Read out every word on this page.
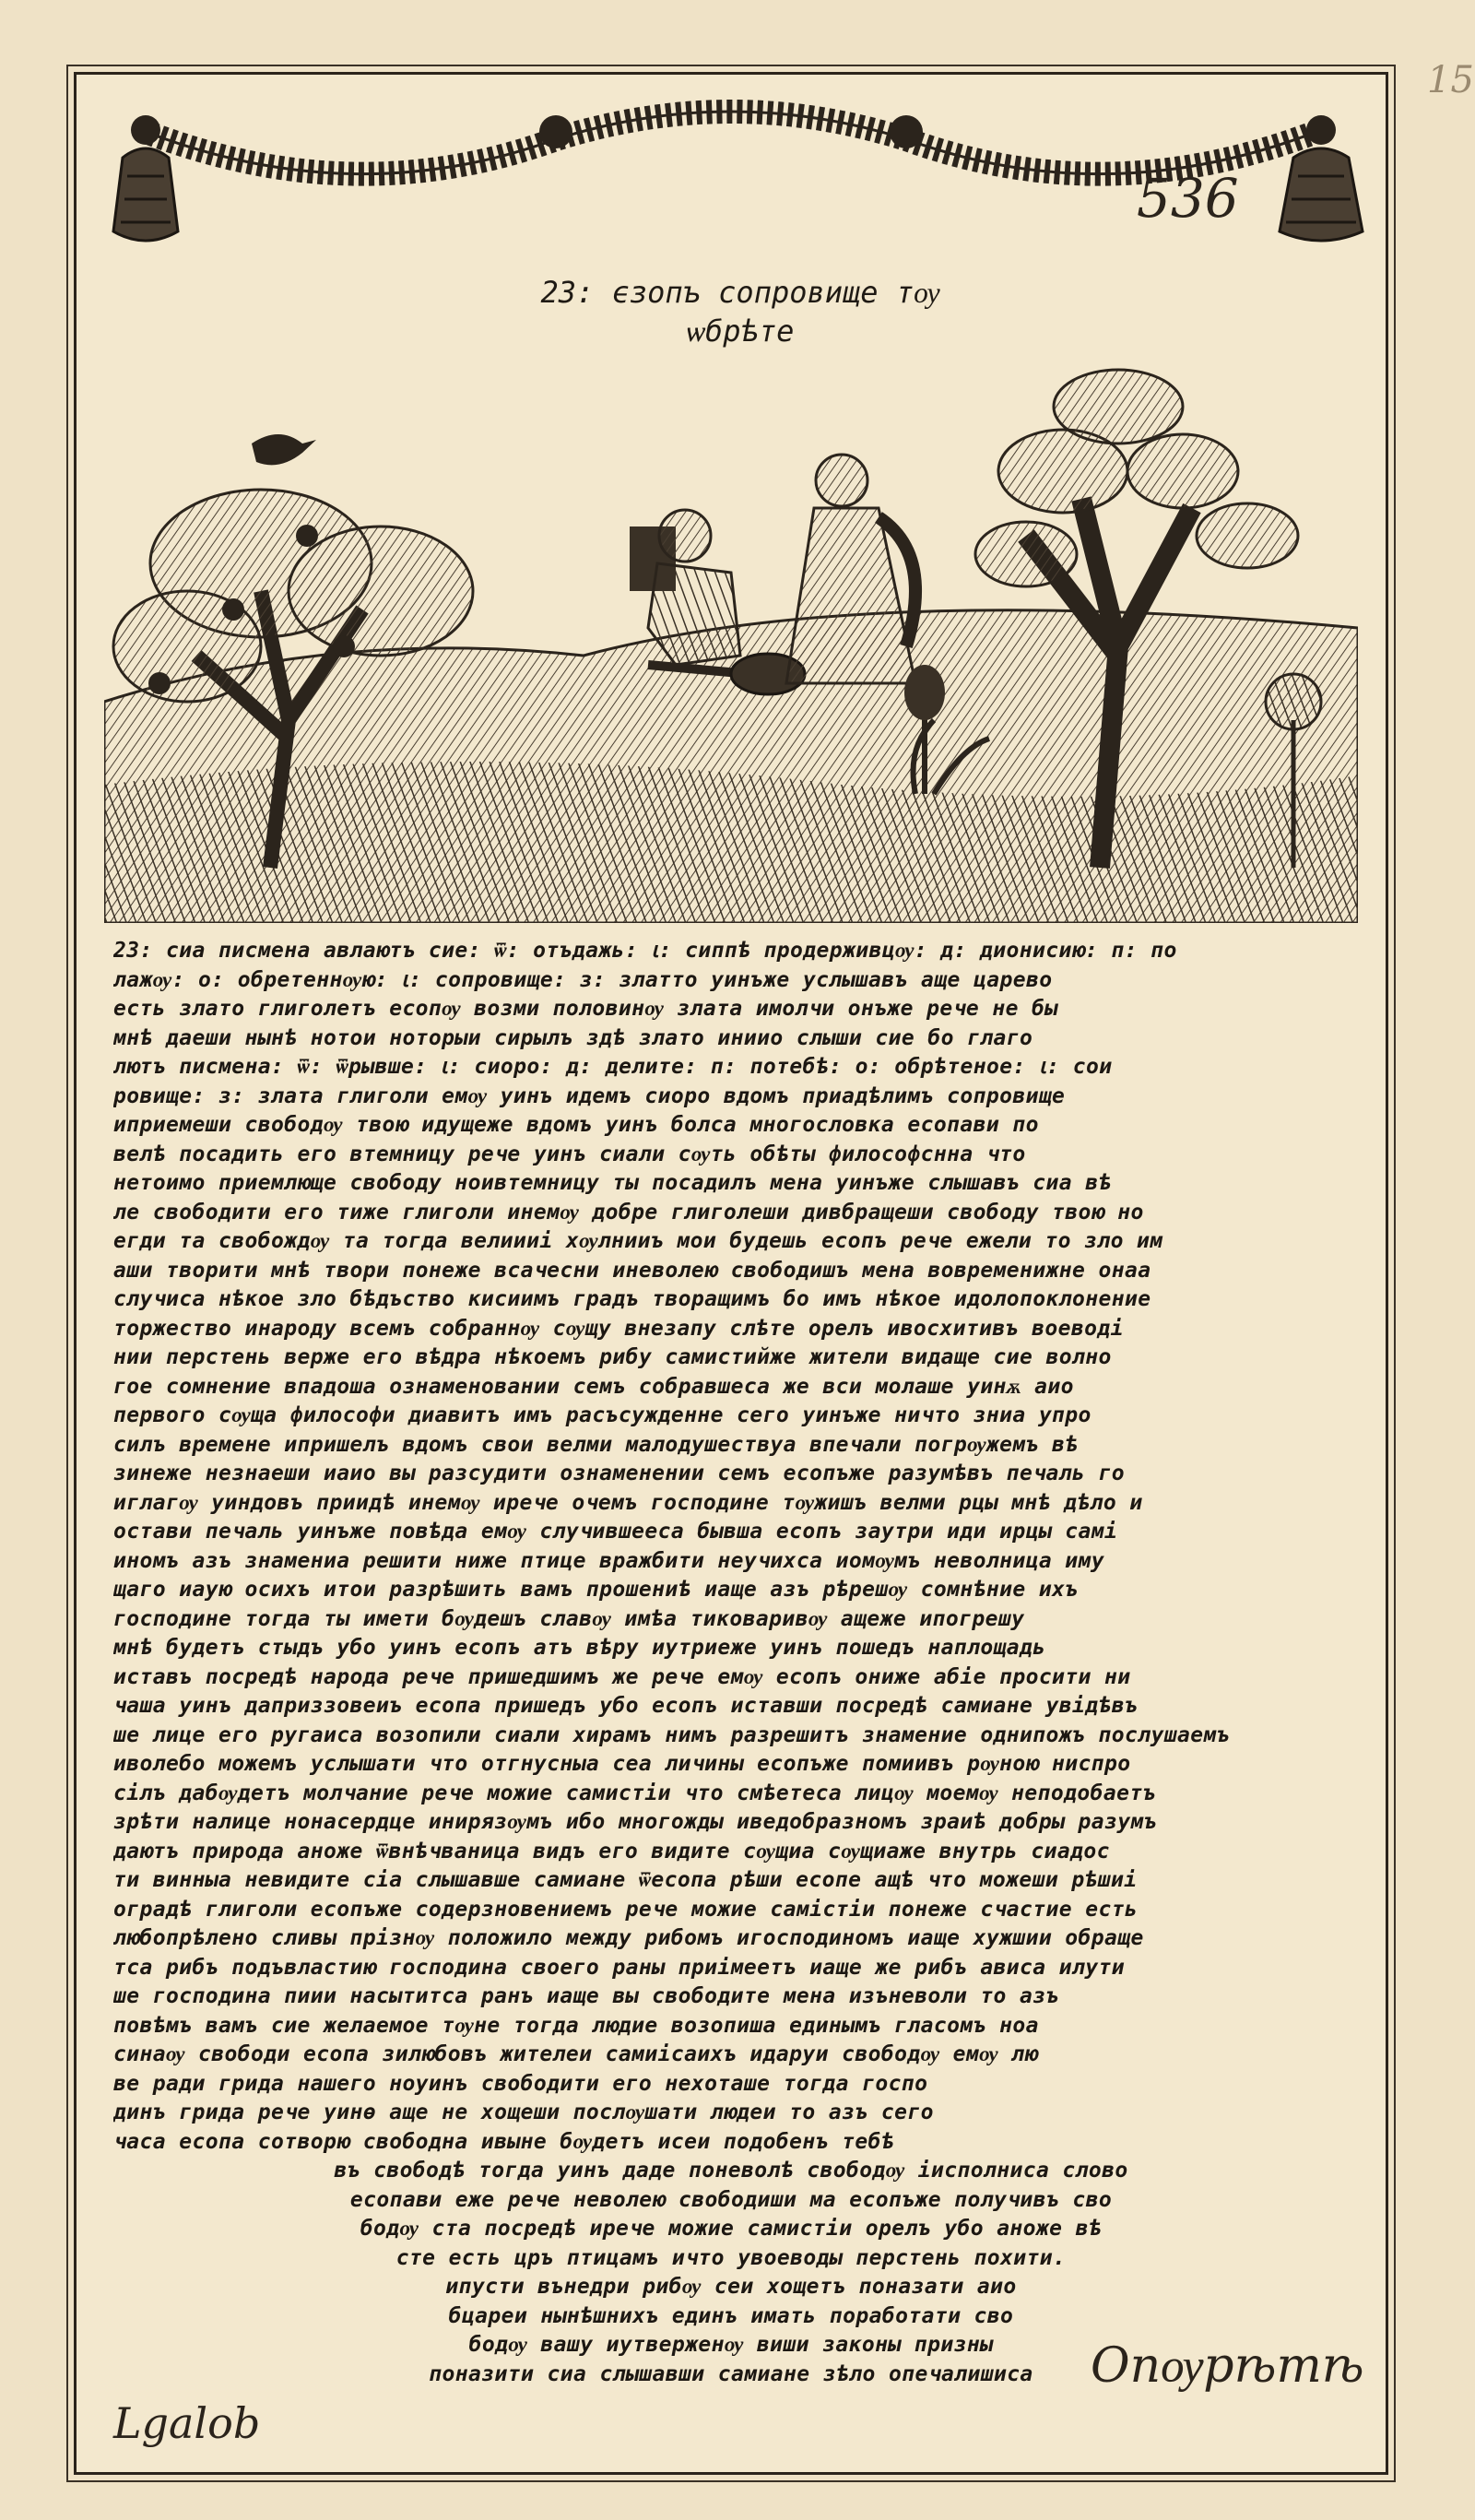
15
536
23: ϵзопъ сопровище тѹ
ѡбрѣте
23: сиа писмена авлаютъ сие: ѿ: отъдажь: ꙇ: сиппѣ продерживцѹ: д: дионисию: п: по
лажѹ: о: обретеннѹю: ꙇ: сопровище: з: златто уинъже услышавъ аще царево
есть злато глиголетъ есопѹ возми половинѹ злата имолчи онъже рече не бы
мнѣ даеши нынѣ нотои ноторыи сирылъ здѣ злато иниио слыши сие бо глаго
лютъ писмена: ѿ: ѿрывше: ꙇ: сиоро: д: делите: п: потебѣ: о: обрѣтеное: ꙇ: сои
ровище: з: злата глиголи емѹ уинъ идемъ сиоро вдомъ приадѣлимъ сопровище
иприемеши свободѹ твою идущеже вдомъ уинъ болса многословка есопави по
велѣ посадить его втемницу рече уинъ сиали сѹть обѣты философснна что
нетоимо приемлюще свободу ноивтемницу ты посадилъ мена уинъже слышавъ сиа вѣ
ле свободити его тиже глиголи инемѹ добре глиголеши дивбращеши свободу твою но
егди та свобождѹ та тогда велиииі хѹлнииъ мои будешь есопъ рече ежели то зло им
аши творити мнѣ твори понеже всачесни иневолею свободишъ мена вовременижне онаа
случиса нѣкое зло бѣдъство кисиимъ градъ творащимъ бо имъ нѣкое идолопоклонение
торжество инароду всемъ собраннѹ сѹщу внезапу слѣте орелъ ивосхитивъ воеводі
нии перстень верже его вѣдра нѣкоемъ рибу самистийже жители видаще сие волно
гое сомнение впадоша ознаменовании семъ собравшеса же вси молаше уинѫ аио
первого сѹща философи диавитъ имъ расъсужденне сего уинъже ничто зниа упро
силъ времене ипришелъ вдомъ свои велми малодушествуа впечали погрѹжемъ вѣ
зинеже незнаеши иаио вы разсудити ознаменении семъ есопъже разумѣвъ печаль го
иглагѹ уиндовъ приидѣ инемѹ ирече очемъ господине тѹжишъ велми рцы мнѣ дѣло и
остави печаль уинъже повѣда емѹ случившееса бывша есопъ заутри иди ирцы самі
иномъ азъ знамениа решити ниже птице вражбити неучихса иомѹмъ неволница иму
щаго иаую осихъ итои разрѣшить вамъ прошениѣ иаще азъ рѣрешѹ сомнѣние ихъ
господине тогда ты имети бѹдешъ славѹ имѣа тиковаривѹ ащеже ипогрешу
мнѣ будетъ стыдъ убо уинъ есопъ атъ вѣру иутриеже уинъ пошедъ наплощадь
иставъ посредѣ народа рече пришедшимъ же рече емѹ есопъ ониже абіе просити ни
чаша уинъ даприззовеиъ есопа пришедъ убо есопъ иставши посредѣ самиане увідѣвъ
ше лице его ругаиса возопили сиали хирамъ нимъ разрешитъ знамение однипожъ послушаемъ
иволебо можемъ услышати что отгнусныа сеа личины есопъже помиивъ рѹною ниспро
сілъ дабѹдетъ молчание рече можие самистіи что смѣетеса лицѹ моемѹ неподобаетъ
зрѣти налице нонасердце инирязѹмъ ибо многожды иведобразномъ зраиѣ добры разумъ
даютъ природа аноже ѿвнѣчваница видъ его видите сѹщиа сѹщиаже внутрь сиадос
ти винныа невидите сіа слышавше самиане ѿесопа рѣши есопе ащѣ что можеши рѣшиі
оградѣ глиголи есопъже содерзновениемъ рече можие самістіи понеже счастие есть
любопрѣлено сливы прізнѹ положило между рибомъ игосподиномъ иаще хужшии обраще
тса рибъ подъвластию господина своего раны приімеетъ иаще же рибъ ависа илути
ше господина пиии насытитса ранъ иаще вы свободите мена изъневоли то азъ
повѣмъ вамъ сие желаемое тѹне тогда людие возопиша единымъ гласомъ ноа
синаѹ свободи есопа зилюбовъ жителеи самиісаихъ идаруи свободѹ емѹ лю
ве ради грида нашего ноуинъ свободити его нехоташе тогда госпо
динъ грида рече уинѳ аще не хощеши послѹшати людеи то азъ сего
часа есопа сотворю свободна ивыне бѹдетъ иcеи подобенъ тебѣ
въ свободѣ тогда уинъ даде поневолѣ свободѹ іисполниса слово
есопави еже рече неволею свободиши ма есопъже получивъ сво
бодѹ ста посредѣ ирече можие самистіи орелъ убо аноже вѣ
сте есть цръ птицамъ ичто увоеводы перстень похити.
ипусти вънедри рибѹ сеи хощетъ поназати аио
бцареи нынѣшнихъ единъ имать поработати сво
бодѹ вашу иутверженѹ виши законы призны
поназити сиа слышавши самиане зѣло опечалишиса
Lgalob
Опѹрѣтѣ
